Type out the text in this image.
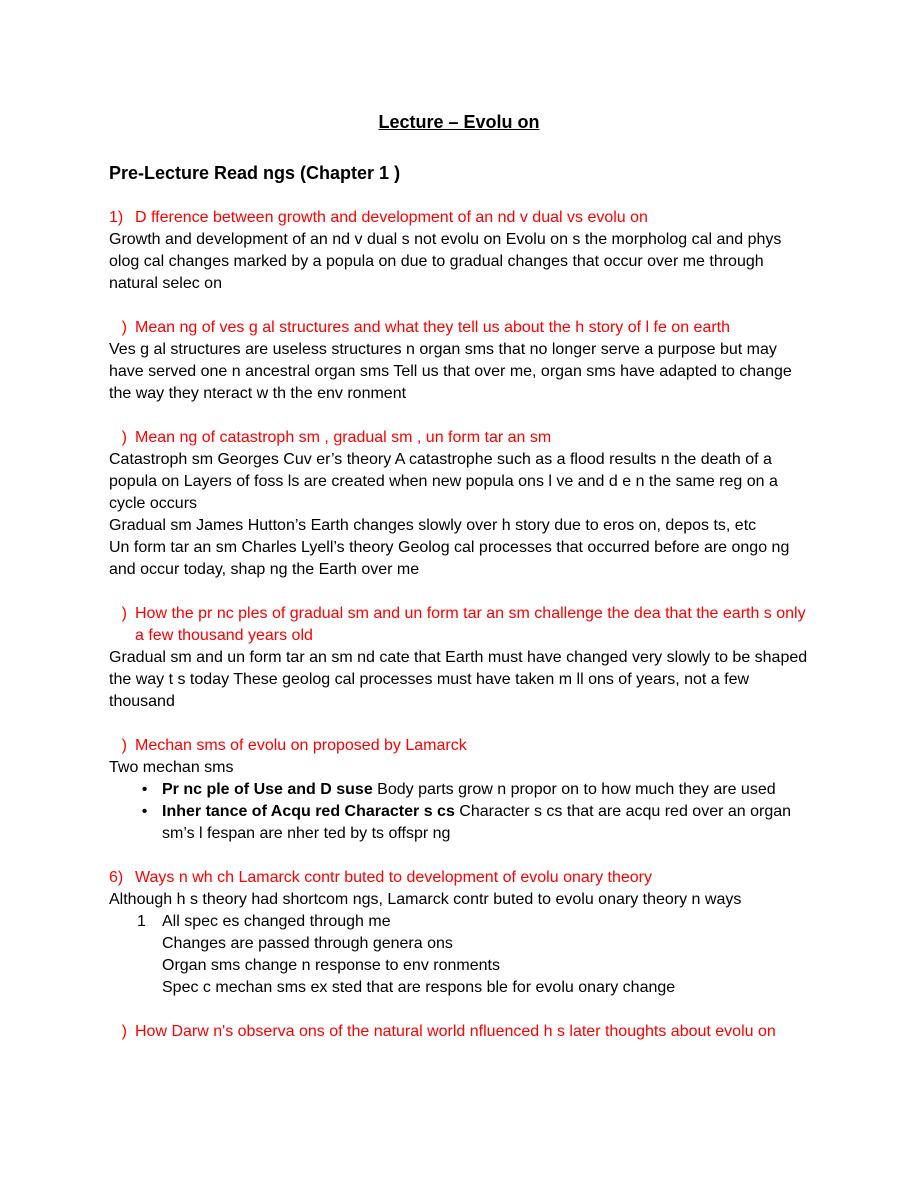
Lecture – Evolu on
Pre-Lecture Read ngs (Chapter 1 )
1) D fference between growth and development of an nd v dual vs evolu on

Growth and development of an nd v dual s not evolu on Evolu on s the morpholog cal and phys olog cal changes marked by a popula on due to gradual changes that occur over me through natural selec on

) Mean ng of ves g al structures and what they tell us about the h story of l fe on earth

Ves g al structures are useless structures n organ sms that no longer serve a purpose but may have served one n ancestral organ sms Tell us that over me, organ sms have adapted to change the way they nteract w th the env ronment

) Mean ng of catastroph sm , gradual sm , un form tar an sm

Catastroph sm Georges Cuv er’s theory A catastrophe such as a flood results n the death of a popula on Layers of foss ls are created when new popula ons l ve and d e n the same reg on a cycle occurs

Gradual sm James Hutton’s Earth changes slowly over h story due to eros on, depos ts, etc

Un form tar an sm Charles Lyell’s theory Geolog cal processes that occurred before are ongo ng and occur today, shap ng the Earth over me

) How the pr nc ples of gradual sm and un form tar an sm challenge the dea that the earth s only a few thousand years old

Gradual sm and un form tar an sm nd cate that Earth must have changed very slowly to be shaped the way t s today These geolog cal processes must have taken m ll ons of years, not a few thousand

) Mechan sms of evolu on proposed by Lamarck

Two mechan sms

• Pr nc ple of Use and D suse Body parts grow n propor on to how much they are used
• Inher tance of Acqu red Character s cs Character s cs that are acqu red over an organ sm’s l fespan are nher ted by ts offspr ng
6) Ways n wh ch Lamarck contr buted to development of evolu onary theory

Although h s theory had shortcom ngs, Lamarck contr buted to evolu onary theory n ways

1	All spec es changed through me
Changes are passed through genera ons
Organ sms change n response to env ronments
Spec c mechan sms ex sted that are respons ble for evolu onary change
) How Darw n's observa ons of the natural world nfluenced h s later thoughts about evolu on
